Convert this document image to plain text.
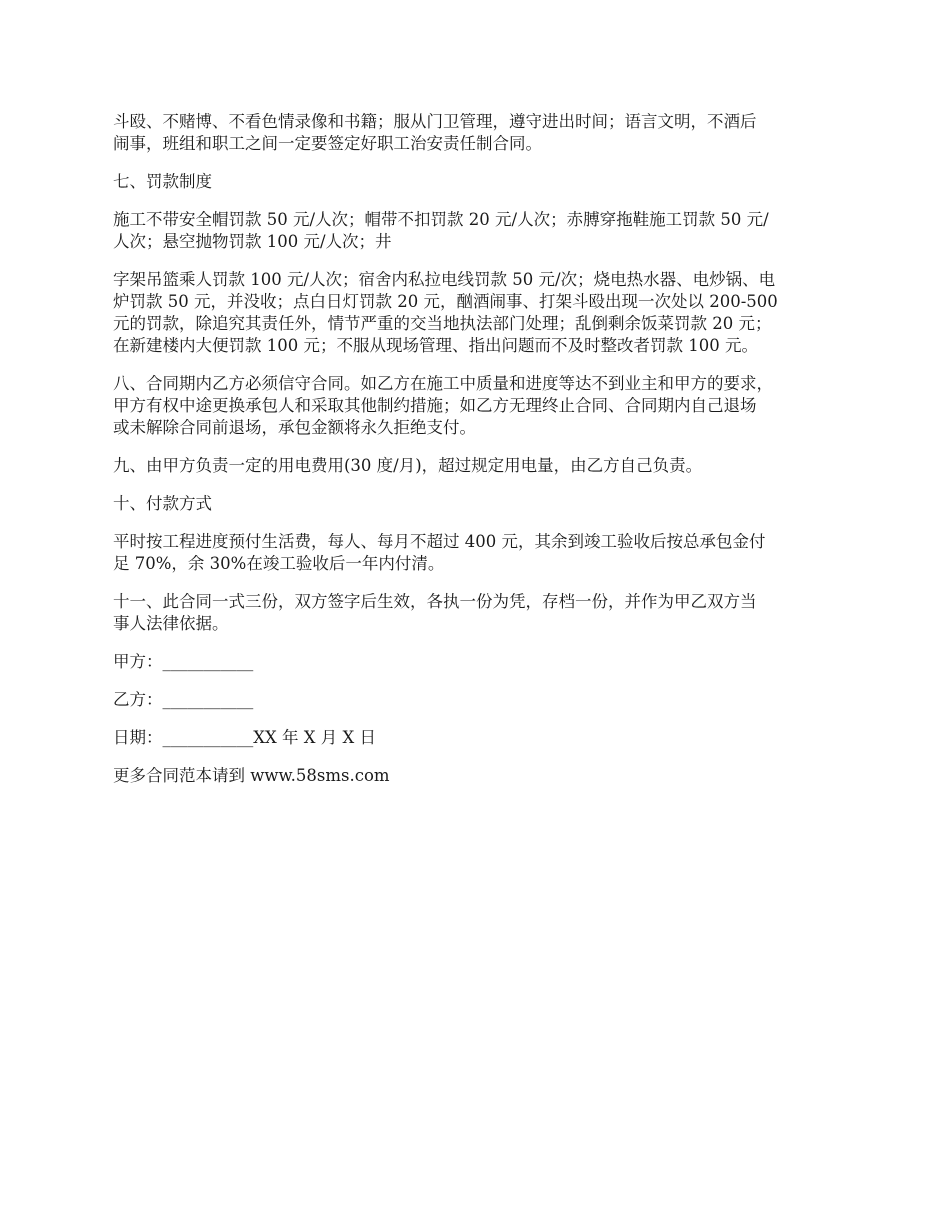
斗殴、不赌博、不看色情录像和书籍；服从门卫管理，遵守进出时间；语言文明，不酒后
闹事，班组和职工之间一定要签定好职工治安责任制合同。

七、罚款制度

施工不带安全帽罚款 50 元/人次；帽带不扣罚款 20 元/人次；赤膊穿拖鞋施工罚款 50 元/
人次；悬空抛物罚款 100 元/人次；井

字架吊篮乘人罚款 100 元/人次；宿舍内私拉电线罚款 50 元/次；烧电热水器、电炒锅、电
炉罚款 50 元，并没收；点白日灯罚款 20 元，酗酒闹事、打架斗殴出现一次处以 200-500
元的罚款，除追究其责任外，情节严重的交当地执法部门处理；乱倒剩余饭菜罚款 20 元；
在新建楼内大便罚款 100 元；不服从现场管理、指出问题而不及时整改者罚款 100 元。

八、合同期内乙方必须信守合同。如乙方在施工中质量和进度等达不到业主和甲方的要求，
甲方有权中途更换承包人和采取其他制约措施；如乙方无理终止合同、合同期内自己退场
或未解除合同前退场，承包金额将永久拒绝支付。

九、由甲方负责一定的用电费用(30 度/月)，超过规定用电量，由乙方自己负责。

十、付款方式

平时按工程进度预付生活费，每人、每月不超过 400 元，其余到竣工验收后按总承包金付
足 70%，余 30%在竣工验收后一年内付清。

十一、此合同一式三份，双方签字后生效，各执一份为凭，存档一份，并作为甲乙双方当
事人法律依据。

甲方：___________

乙方：___________

日期：___________XX 年 X 月 X 日

更多合同范本请到 www.58sms.com
